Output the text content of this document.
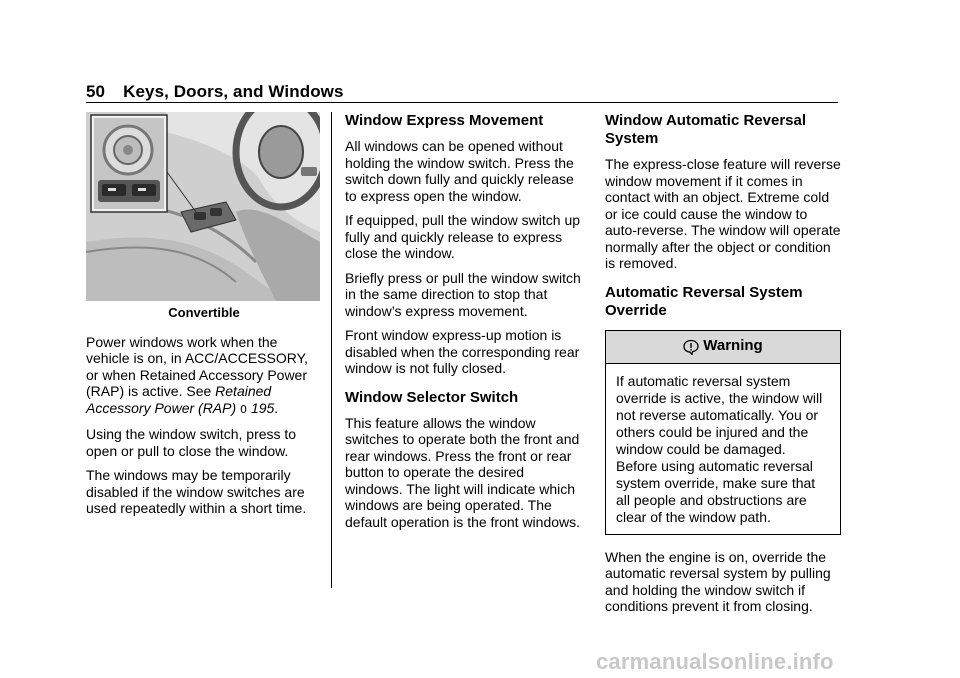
50 Keys, Doors, and Windows
Convertible

Power windows work when the vehicle is on, in ACC/ACCESSORY, or when Retained Accessory Power (RAP) is active. See Retained Accessory Power (RAP) 0 195.

Using the window switch, press to open or pull to close the window.

The windows may be temporarily disabled if the window switches are used repeatedly within a short time.

Window Express Movement

All windows can be opened without holding the window switch. Press the switch down fully and quickly release to express open the window.

If equipped, pull the window switch up fully and quickly release to express close the window.

Briefly press or pull the window switch in the same direction to stop that window’s express movement.

Front window express-up motion is disabled when the corresponding rear window is not fully closed.

Window Selector Switch

This feature allows the window switches to operate both the front and rear windows. Press the front or rear button to operate the desired windows. The light will indicate which windows are being operated. The default operation is the front windows.

Window Automatic Reversal System

The express-close feature will reverse window movement if it comes in contact with an object. Extreme cold or ice could cause the window to auto-reverse. The window will operate normally after the object or condition is removed.

Automatic Reversal System Override
Warning
If automatic reversal system override is active, the window will not reverse automatically. You or others could be injured and the window could be damaged. Before using automatic reversal system override, make sure that all people and obstructions are clear of the window path.

When the engine is on, override the automatic reversal system by pulling and holding the window switch if conditions prevent it from closing.

carmanualsonline.info
